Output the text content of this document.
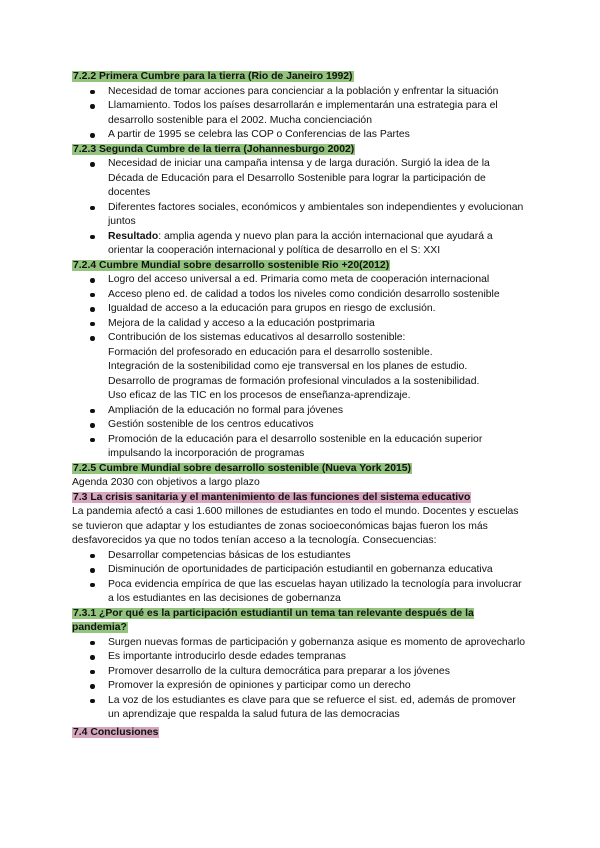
7.2.2 Primera Cumbre para la tierra (Rio de Janeiro 1992)
Necesidad de tomar acciones para concienciar a la población y enfrentar la situación
Llamamiento. Todos los países desarrollarán e implementarán una estrategia para el desarrollo sostenible para el 2002. Mucha concienciación
A partir de 1995 se celebra las COP o Conferencias de las Partes
7.2.3 Segunda Cumbre de la tierra (Johannesburgo 2002)
Necesidad de iniciar una campaña intensa y de larga duración. Surgió la idea de la Década de Educación para el Desarrollo Sostenible para lograr la participación de docentes
Diferentes factores sociales, económicos y ambientales son independientes y evolucionan juntos
Resultado: amplia agenda y nuevo plan para la acción internacional que ayudará a orientar la cooperación internacional y política de desarrollo en el S: XXI
7.2.4 Cumbre Mundial sobre desarrollo sostenible Rio +20(2012)
Logro del acceso universal a ed. Primaria como meta de cooperación internacional
Acceso pleno ed. de calidad a todos los niveles como condición desarrollo sostenible
Igualdad de acceso a la educación para grupos en riesgo de exclusión.
Mejora de la calidad y acceso a la educación postprimaria
Contribución de los sistemas educativos al desarrollo sostenible:
Formación del profesorado en educación para el desarrollo sostenible.
Integración de la sostenibilidad como eje transversal en los planes de estudio.
Desarrollo de programas de formación profesional vinculados a la sostenibilidad.
Uso eficaz de las TIC en los procesos de enseñanza-aprendizaje.
Ampliación de la educación no formal para jóvenes
Gestión sostenible de los centros educativos
Promoción de la educación para el desarrollo sostenible en la educación superior impulsando la incorporación de programas
7.2.5 Cumbre Mundial sobre desarrollo sostenible (Nueva York 2015)

Agenda 2030 con objetivos a largo plazo

7.3 La crisis sanitaria y el mantenimiento de las funciones del sistema educativo

La pandemia afectó a casi 1.600 millones de estudiantes en todo el mundo. Docentes y escuelas se tuvieron que adaptar y los estudiantes de zonas socioeconómicas bajas fueron los más desfavorecidos ya que no todos tenían acceso a la tecnología. Consecuencias:

Desarrollar competencias básicas de los estudiantes
Disminución de oportunidades de participación estudiantil en gobernanza educativa
Poca evidencia empírica de que las escuelas hayan utilizado la tecnología para involucrar a los estudiantes en las decisiones de gobernanza
7.3.1 ¿Por qué es la participación estudiantil un tema tan relevante después de la pandemia?
Surgen nuevas formas de participación y gobernanza asique es momento de aprovecharlo
Es importante introducirlo desde edades tempranas
Promover desarrollo de la cultura democrática para preparar a los jóvenes
Promover la expresión de opiniones y participar como un derecho
La voz de los estudiantes es clave para que se refuerce el sist. ed, además de promover un aprendizaje que respalda la salud futura de las democracias
7.4 Conclusiones
